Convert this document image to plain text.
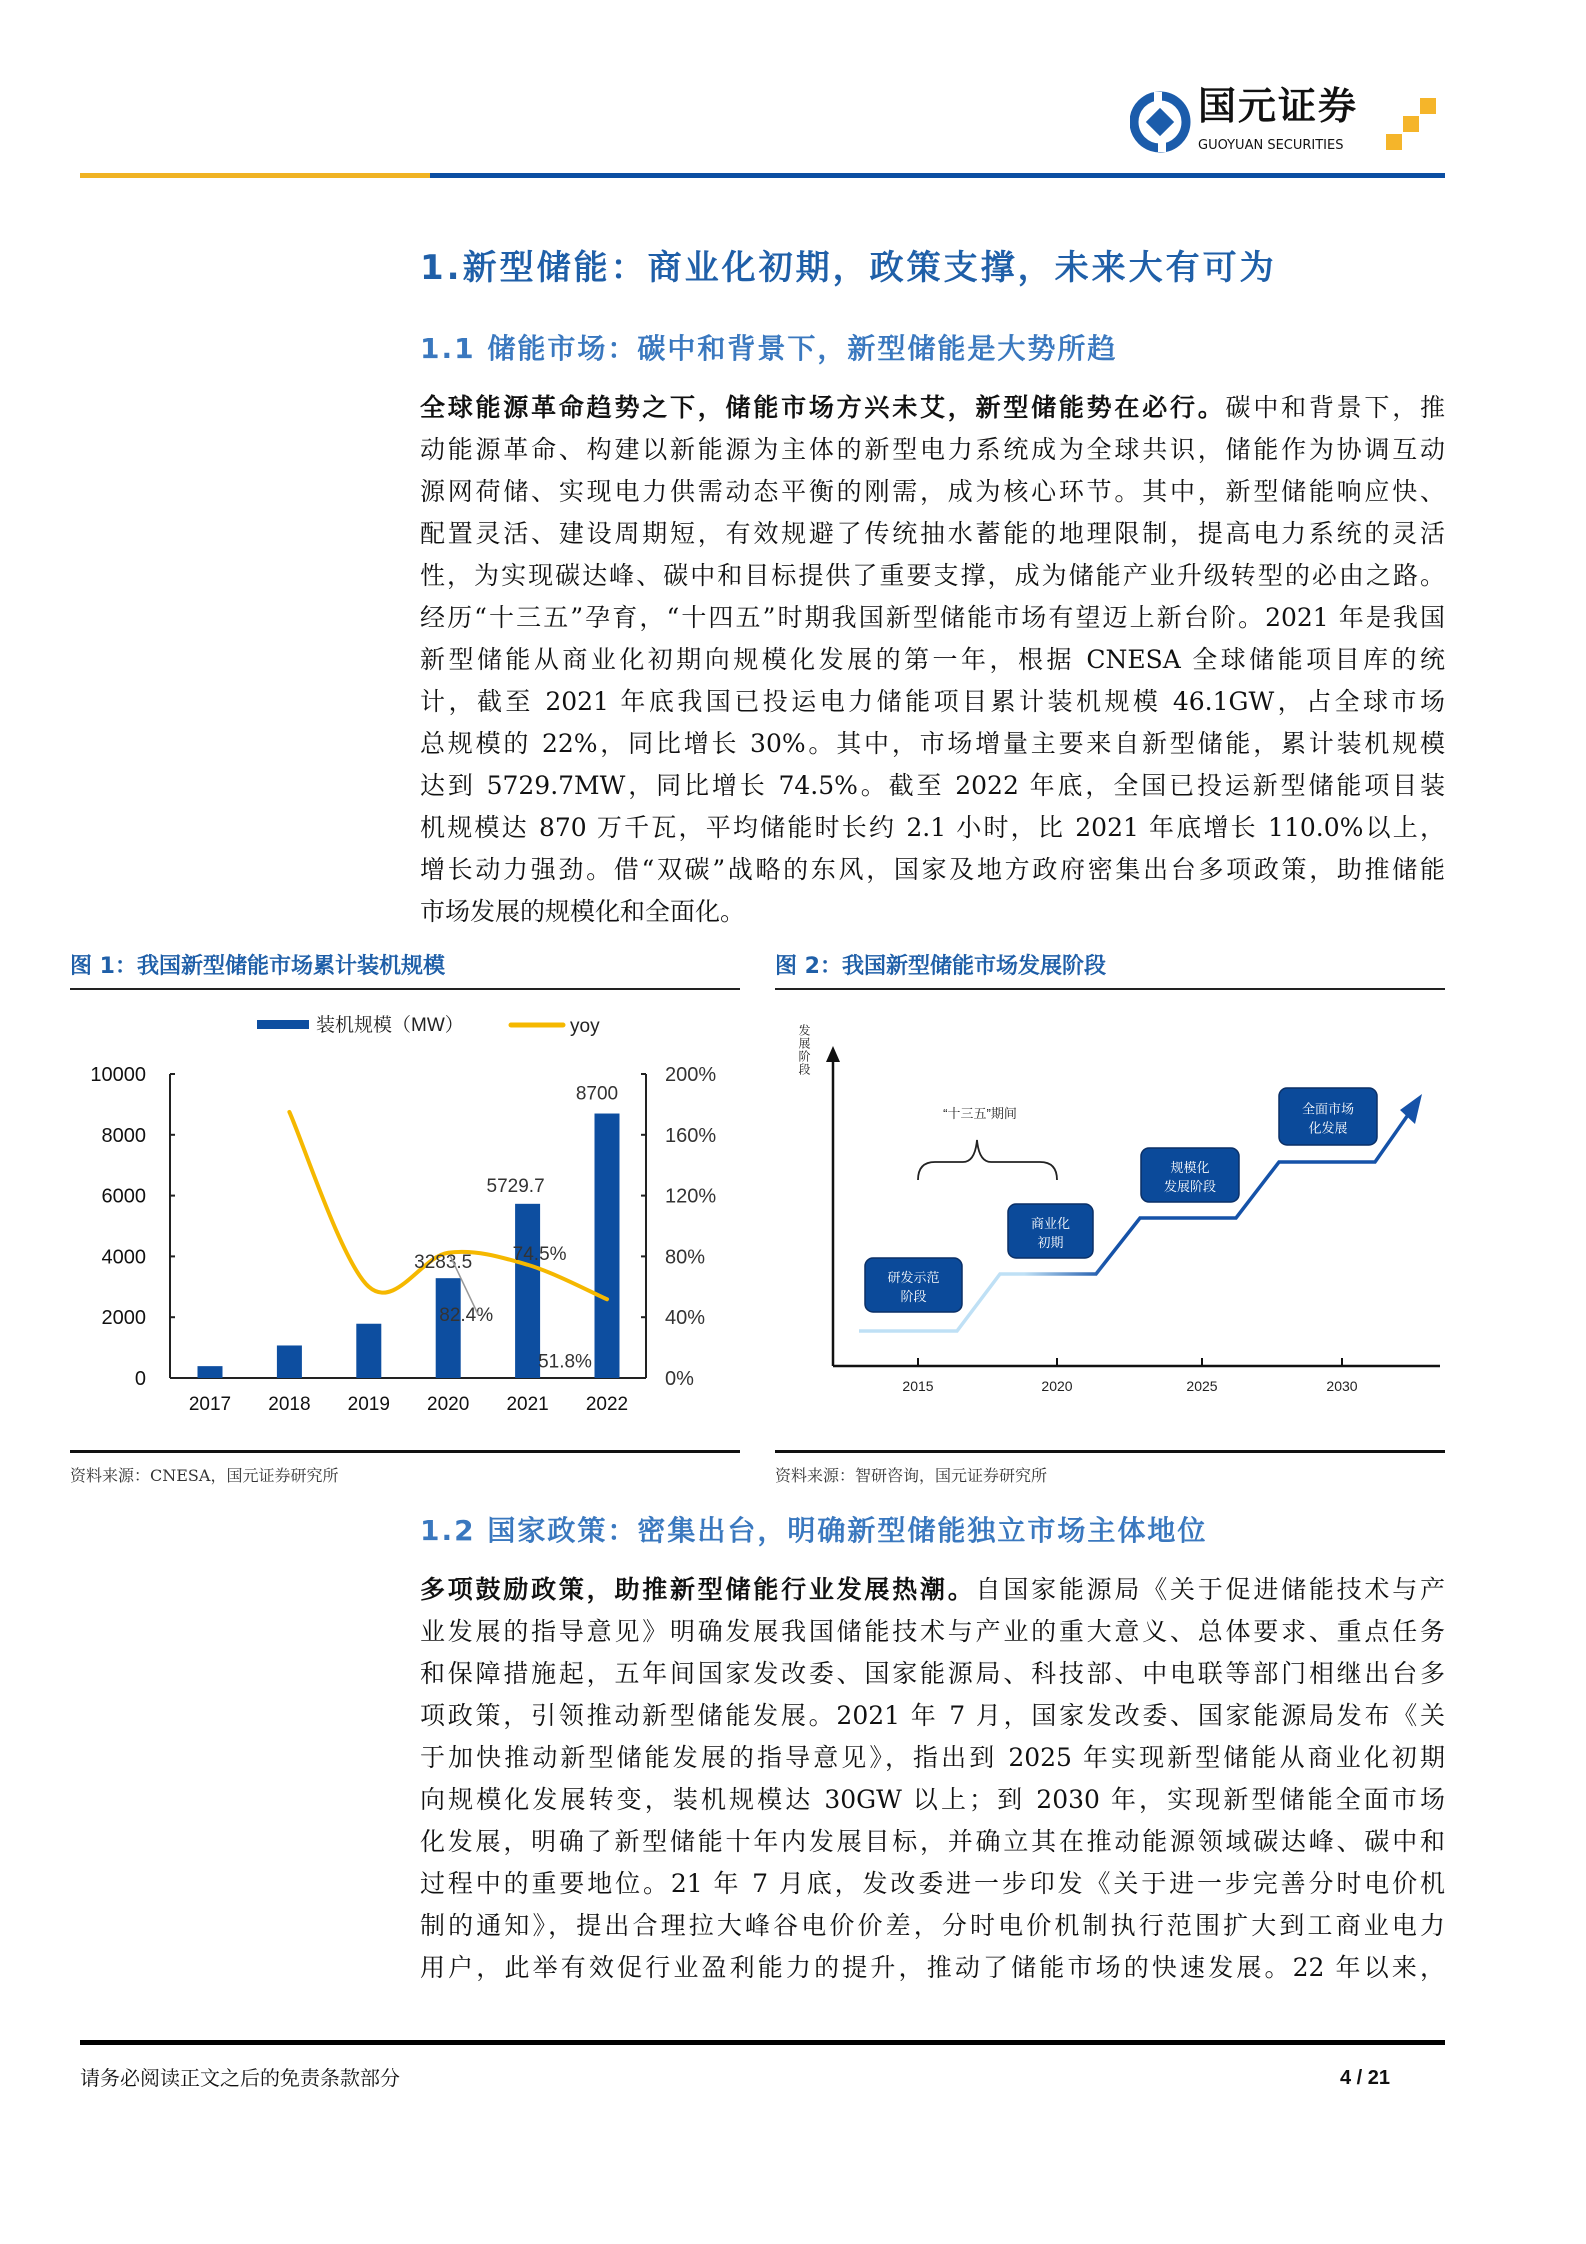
国元证券
GUOYUAN SECURITIES
1.新型储能：商业化初期，政策支撑，未来大有可为
1.1 储能市场：碳中和背景下，新型储能是大势所趋
全球能源革命趋势之下，储能市场方兴未艾，新型储能势在必行。碳中和背景下，推
动能源革命、构建以新能源为主体的新型电力系统成为全球共识，储能作为协调互动
源网荷储、实现电力供需动态平衡的刚需，成为核心环节。其中，新型储能响应快、
配置灵活、建设周期短，有效规避了传统抽水蓄能的地理限制，提高电力系统的灵活
性，为实现碳达峰、碳中和目标提供了重要支撑，成为储能产业升级转型的必由之路。
经历“十三五”孕育，“十四五”时期我国新型储能市场有望迈上新台阶。2021 年是我国
新型储能从商业化初期向规模化发展的第一年，根据 CNESA 全球储能项目库的统
计，截至 2021 年底我国已投运电力储能项目累计装机规模 46.1GW，占全球市场
总规模的 22%，同比增长 30%。其中，市场增量主要来自新型储能，累计装机规模
达到 5729.7MW，同比增长 74.5%。截至 2022 年底，全国已投运新型储能项目装
机规模达 870 万千瓦，平均储能时长约 2.1 小时，比 2021 年底增长 110.0%以上，
增长动力强劲。借“双碳”战略的东风，国家及地方政府密集出台多项政策，助推储能
市场发展的规模化和全面化。
图 1：我国新型储能市场累计装机规模
装机规模（MW）	yoy
0	0%
2000	40%
4000	80%
6000	120%
8000	160%
10000	200%
2017 2018 2019 2020 2021 2022
3283.5
5729.7
8700
82.4%
74.5%
51.8%
资料来源：CNESA，国元证券研究所
图 2：我国新型储能市场发展阶段
发展阶段
2015	2020	2025	2030
“十三五”期间
研发示范
阶段
商业化
初期
规模化
发展阶段
全面市场
化发展
资料来源：智研咨询，国元证券研究所
1.2 国家政策：密集出台，明确新型储能独立市场主体地位
多项鼓励政策，助推新型储能行业发展热潮。自国家能源局《关于促进储能技术与产
业发展的指导意见》明确发展我国储能技术与产业的重大意义、总体要求、重点任务
和保障措施起，五年间国家发改委、国家能源局、科技部、中电联等部门相继出台多
项政策，引领推动新型储能发展。2021 年 7 月，国家发改委、国家能源局发布《关
于加快推动新型储能发展的指导意见》，指出到 2025 年实现新型储能从商业化初期
向规模化发展转变，装机规模达 30GW 以上；到 2030 年，实现新型储能全面市场
化发展，明确了新型储能十年内发展目标，并确立其在推动能源领域碳达峰、碳中和
过程中的重要地位。21 年 7 月底，发改委进一步印发《关于进一步完善分时电价机
制的通知》，提出合理拉大峰谷电价价差，分时电价机制执行范围扩大到工商业电力
用户，此举有效促行业盈利能力的提升，推动了储能市场的快速发展。22 年以来，
请务必阅读正文之后的免责条款部分	4 / 21
